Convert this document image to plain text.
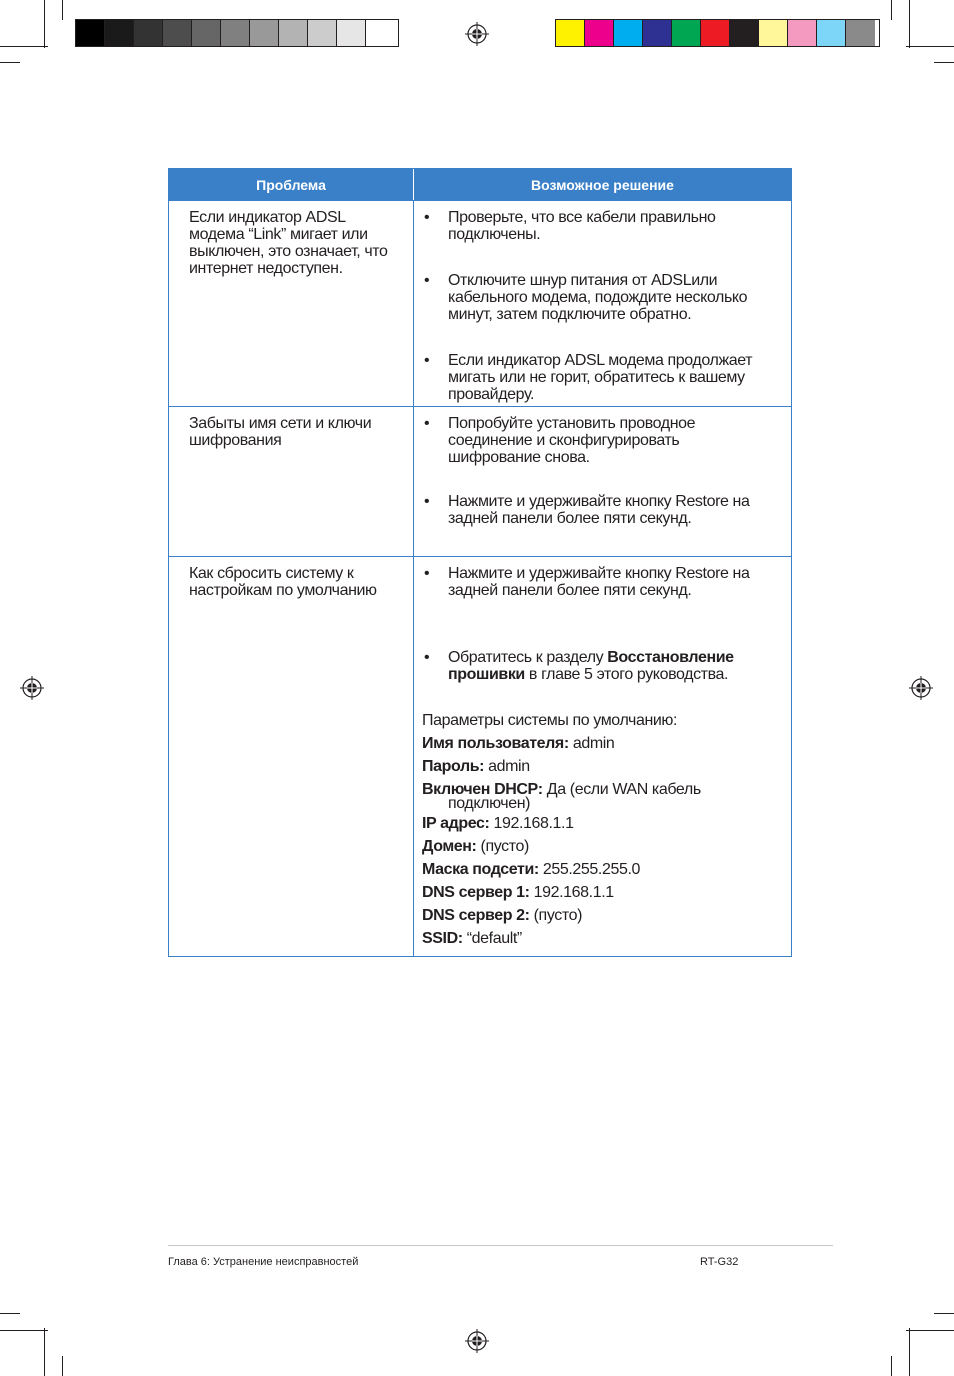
Проблема	Возможное решение
Если индикатор ADSL модема “Link” мигает или выключен, это означает, что интернет недоступен.
• Проверьте, что все кабели правильно подключены.
• Отключите шнур питания от ADSLили кабельного модема, подождите несколько минут, затем подключите обратно.
• Если индикатор ADSL модема продолжает мигать или не горит, обратитесь к вашему провайдеру.
Забыты имя сети и ключи шифрования
• Попробуйте установить проводное соединение и сконфигурировать шифрование снова.
• Нажмите и удерживайте кнопку Restore на задней панели более пяти секунд.
Как сбросить систему к настройкам по умолчанию
• Нажмите и удерживайте кнопку Restore на задней панели более пяти секунд.
• Обратитесь к разделу Восстановление прошивки в главе 5 этого руководства.
Параметры системы по умолчанию:
Имя пользователя: admin
Пароль: admin
Включен DHCP: Да (если WAN кабель
подключен)
IP адрес: 192.168.1.1
Домен: (пусто)
Маска подсети: 255.255.255.0
DNS сервер 1: 192.168.1.1
DNS сервер 2: (пусто)
SSID: “default”
Глава 6: Устранение неисправностей	RT-G32
